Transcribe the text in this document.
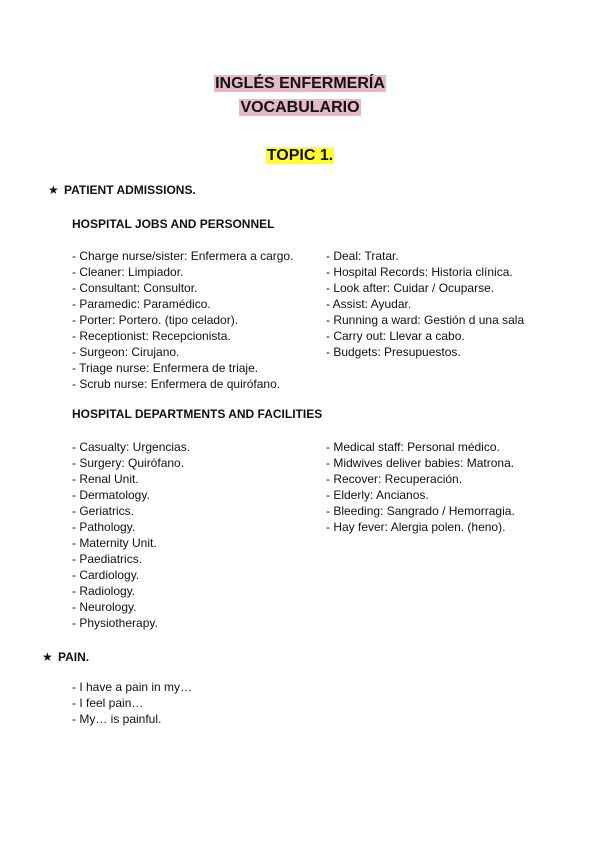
INGLÉS ENFERMERÍA
VOCABULARIO
TOPIC 1.
★ PATIENT ADMISSIONS.
HOSPITAL JOBS AND PERSONNEL
- Charge nurse/sister: Enfermera a cargo.
- Cleaner: Limpiador.
- Consultant: Consultor.
- Paramedic: Paramédico.
- Porter: Portero. (tipo celador).
- Receptionist: Recepcionista.
- Surgeon: Cirujano.
- Triage nurse: Enfermera de triaje.
- Scrub nurse: Enfermera de quirófano.
- Deal: Tratar.
- Hospital Records: Historia clínica.
- Look after: Cuidar / Ocuparse.
- Assist: Ayudar.
- Running a ward: Gestión d una sala
- Carry out: Llevar a cabo.
- Budgets: Presupuestos.
HOSPITAL DEPARTMENTS AND FACILITIES
- Casualty: Urgencias.
- Surgery: Quirófano.
- Renal Unit.
- Dermatology.
- Geriatrics.
- Pathology.
- Maternity Unit.
- Paediatrics.
- Cardiology.
- Radiology.
- Neurology.
- Physiotherapy.
- Medical staff: Personal médico.
- Midwives deliver babies: Matrona.
- Recover: Recuperación.
- Elderly: Ancianos.
- Bleeding: Sangrado / Hemorragia.
- Hay fever: Alergia polen. (heno).
★ PAIN.
- I have a pain in my…
- I feel pain…
- My… is painful.
